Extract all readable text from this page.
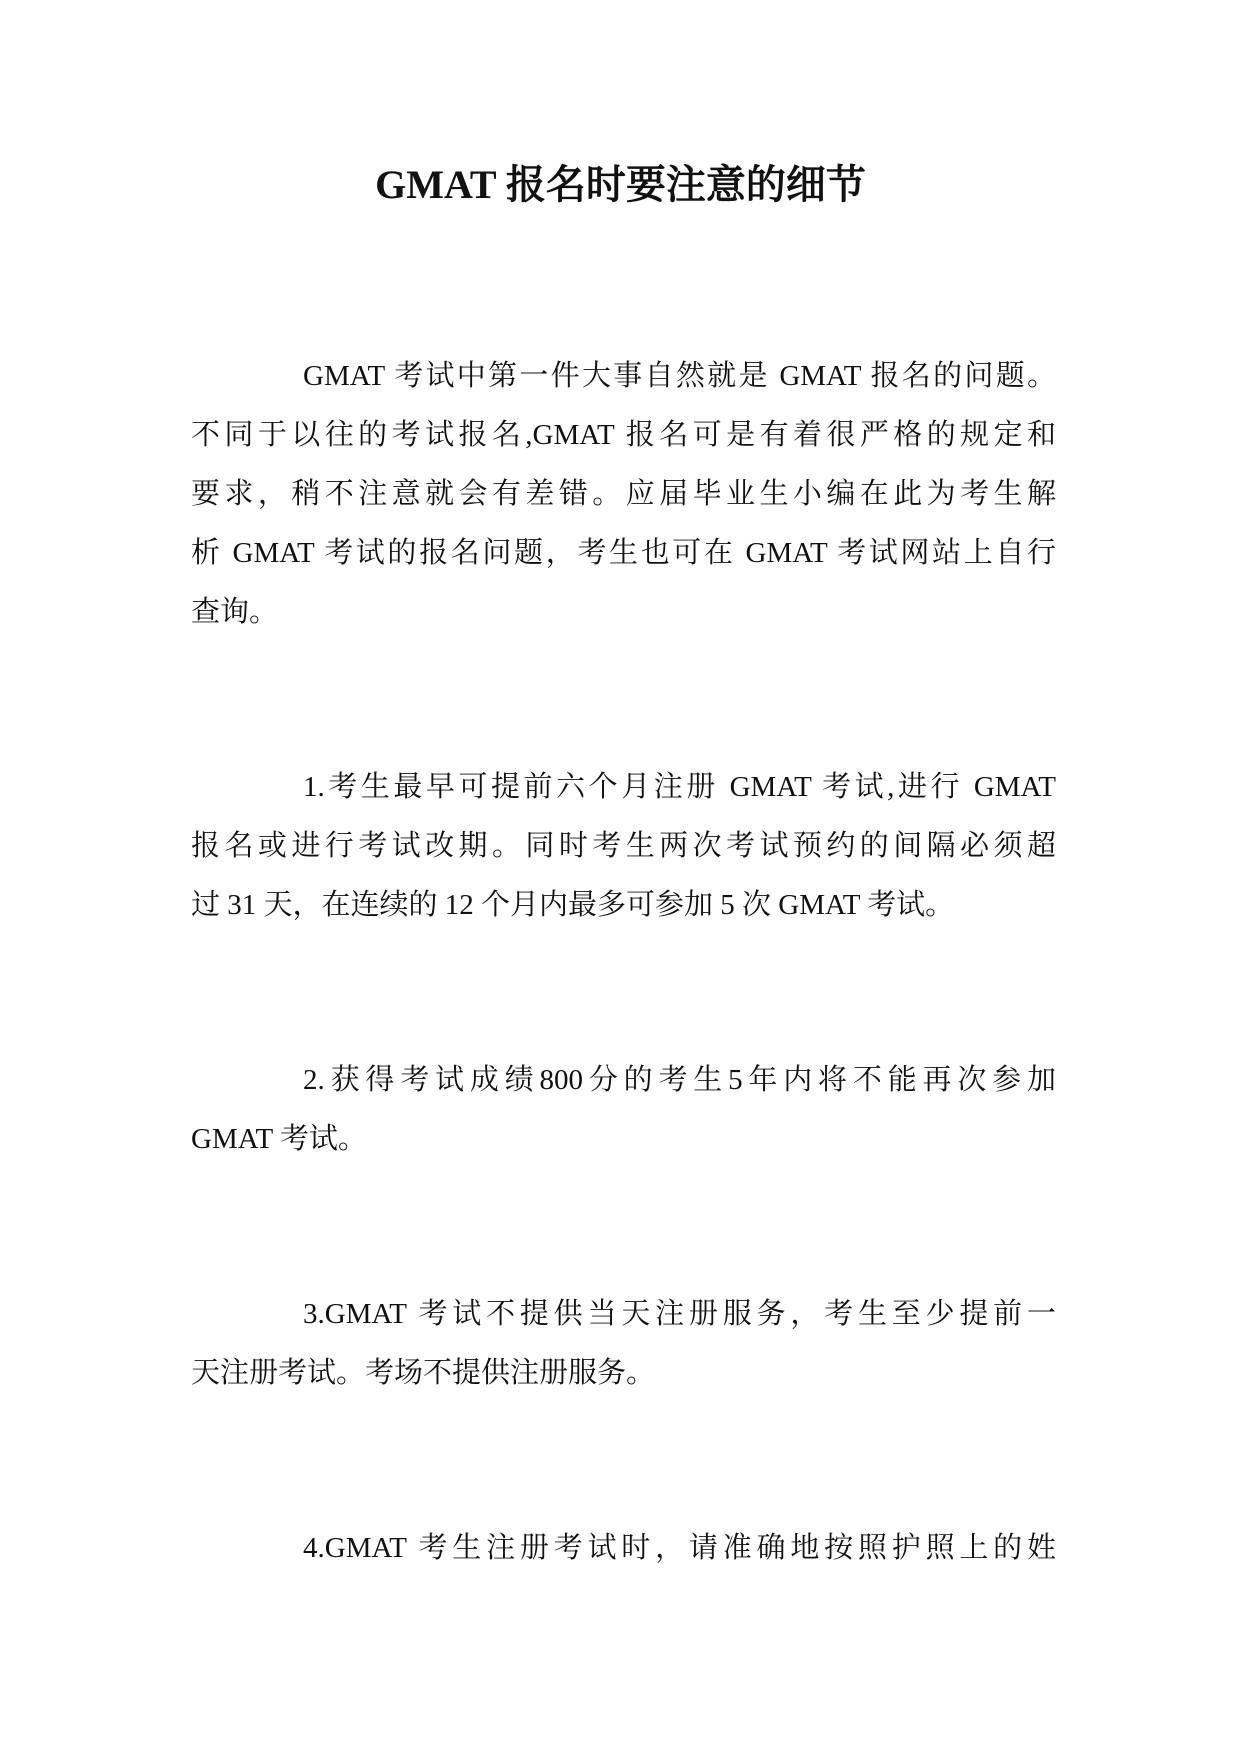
GMAT 报名时要注意的细节
GMAT 考试中第一件大事自然就是 GMAT 报名的问题。
不同于以往的考试报名,GMAT 报名可是有着很严格的规定和
要求，稍不注意就会有差错。应届毕业生小编在此为考生解
析 GMAT 考试的报名问题，考生也可在 GMAT 考试网站上自行
查询。
1.考生最早可提前六个月注册 GMAT 考试,进行 GMAT
报名或进行考试改期。同时考生两次考试预约的间隔必须超
过 31 天，在连续的 12 个月内最多可参加 5 次 GMAT 考试。
2.获得考试成绩800分的考生5年内将不能再次参加
GMAT 考试。
3.GMAT 考试不提供当天注册服务，考生至少提前一
天注册考试。考场不提供注册服务。
4.GMAT 考生注册考试时，请准确地按照护照上的姓
